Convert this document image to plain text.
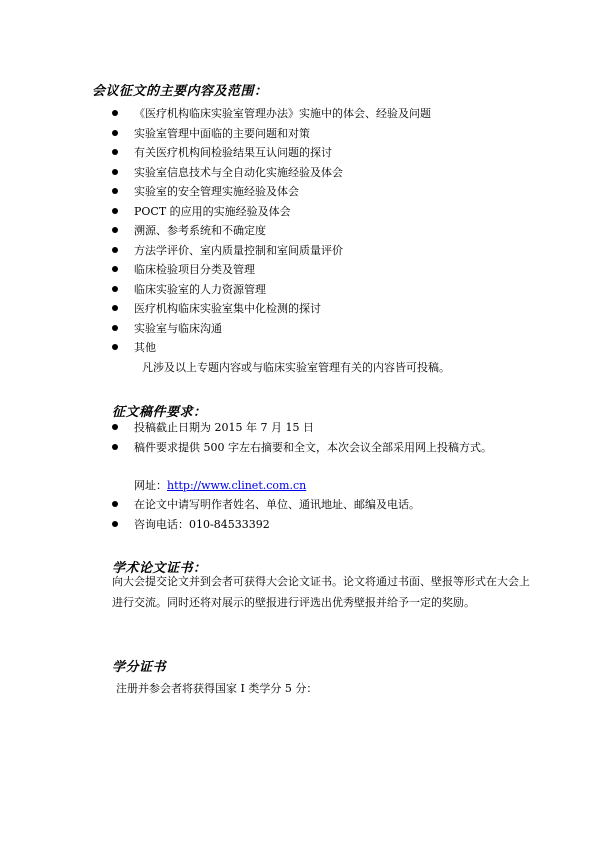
会议征文的主要内容及范围：
《医疗机构临床实验室管理办法》实施中的体会、经验及问题
实验室管理中面临的主要问题和对策
有关医疗机构间检验结果互认问题的探讨
实验室信息技术与全自动化实施经验及体会
实验室的安全管理实施经验及体会
POCT 的应用的实施经验及体会
溯源、参考系统和不确定度
方法学评价、室内质量控制和室间质量评价
临床检验项目分类及管理
临床实验室的人力资源管理
医疗机构临床实验室集中化检测的探讨
实验室与临床沟通
其他
凡涉及以上专题内容或与临床实验室管理有关的内容皆可投稿。
征文稿件要求：
投稿截止日期为 2015 年 7 月 15 日
稿件要求提供 500 字左右摘要和全文，本次会议全部采用网上投稿方式。
网址：http://www.clinet.com.cn
在论文中请写明作者姓名、单位、通讯地址、邮编及电话。
咨询电话：010-84533392
学术论文证书：
向大会提交论文并到会者可获得大会论文证书。论文将通过书面、壁报等形式在大会上进行交流。同时还将对展示的壁报进行评选出优秀壁报并给予一定的奖励。
学分证书
注册并参会者将获得国家 I 类学分 5 分：
